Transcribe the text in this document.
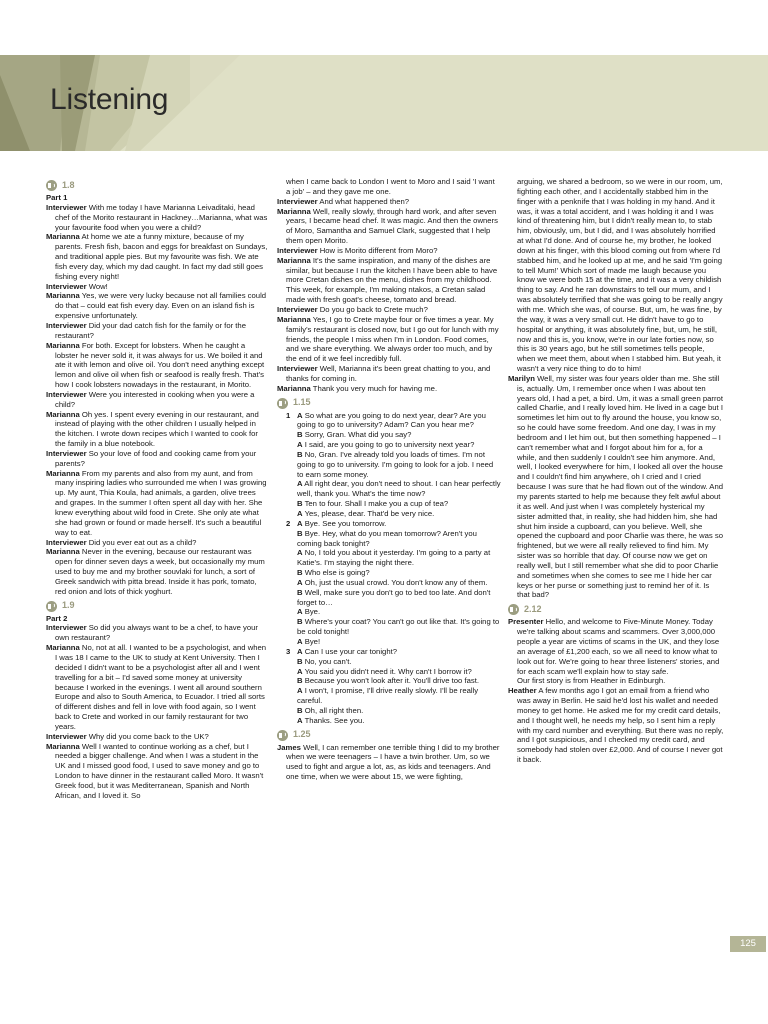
Listening
1.8

Part 1

Interviewer With me today I have Marianna Leivaditaki, head chef of the Morito restaurant in Hackney…Marianna, what was your favourite food when you were a child?

Marianna At home we ate a funny mixture, because of my parents. Fresh fish, bacon and eggs for breakfast on Sundays, and traditional apple pies. But my favourite was fish. We ate fish every day, which my dad caught. In fact my dad still goes fishing every night!

Interviewer Wow!

Marianna Yes, we were very lucky because not all families could do that – could eat fish every day. Even on an island fish is expensive unfortunately.

Interviewer Did your dad catch fish for the family or for the restaurant?

Marianna For both. Except for lobsters. When he caught a lobster he never sold it, it was always for us. We boiled it and ate it with lemon and olive oil. You don't need anything except lemon and olive oil when fish or seafood is really fresh. That's how I cook lobsters nowadays in the restaurant, in Morito.

Interviewer Were you interested in cooking when you were a child?

Marianna Oh yes. I spent every evening in our restaurant, and instead of playing with the other children I usually helped in the kitchen. I wrote down recipes which I wanted to cook for the family in a blue notebook.

Interviewer So your love of food and cooking came from your parents?

Marianna From my parents and also from my aunt, and from many inspiring ladies who surrounded me when I was growing up. My aunt, Thia Koula, had animals, a garden, olive trees and grapes. In the summer I often spent all day with her. She knew everything about wild food in Crete. She only ate what she had grown or found or made herself. It's such a beautiful way to eat.

Interviewer Did you ever eat out as a child?

Marianna Never in the evening, because our restaurant was open for dinner seven days a week, but occasionally my mum used to buy me and my brother souvlaki for lunch, a sort of Greek sandwich with pitta bread. Inside it has pork, tomato, red onion and lots of thick yoghurt.

1.9

Part 2

Interviewer So did you always want to be a chef, to have your own restaurant?

Marianna No, not at all. I wanted to be a psychologist, and when I was 18 I came to the UK to study at Kent University. Then I decided I didn't want to be a psychologist after all and I went travelling for a bit – I'd saved some money at university because I worked in the evenings. I went all around southern Europe and also to South America, to Ecuador. I tried all sorts of different dishes and fell in love with food again, so I went back to Crete and worked in our family restaurant for two years.

Interviewer Why did you come back to the UK?

Marianna Well I wanted to continue working as a chef, but I needed a bigger challenge. And when I was a student in the UK and I missed good food, I used to save money and go to London to have dinner in the restaurant called Moro. It wasn't Greek food, but it was Mediterranean, Spanish and North African, and I loved it. So

when I came back to London I went to Moro and I said 'I want a job' – and they gave me one.

Interviewer And what happened then?

Marianna Well, really slowly, through hard work, and after seven years, I became head chef. It was magic. And then the owners of Moro, Samantha and Samuel Clark, suggested that I help them open Morito.

Interviewer How is Morito different from Moro?

Marianna It's the same inspiration, and many of the dishes are similar, but because I run the kitchen I have been able to have more Cretan dishes on the menu, dishes from my childhood. This week, for example, I'm making ntakos, a Cretan salad made with fresh goat's cheese, tomato and bread.

Interviewer Do you go back to Crete much?

Marianna Yes, I go to Crete maybe four or five times a year. My family's restaurant is closed now, but I go out for lunch with my friends, the people I miss when I'm in London. Food comes, and we share everything. We always order too much, and by the end of it we feel incredibly full.

Interviewer Well, Marianna it's been great chatting to you, and thanks for coming in.

Marianna Thank you very much for having me.

1.15

1 A So what are you going to do next year, dear? Are you going to go to university? Adam? Can you hear me?

B Sorry, Gran. What did you say?

A I said, are you going to go to university next year?

B No, Gran. I've already told you loads of times. I'm not going to go to university. I'm going to look for a job. I need to earn some money.

A All right dear, you don't need to shout. I can hear perfectly well, thank you. What's the time now?

B Ten to four. Shall I make you a cup of tea?

A Yes, please, dear. That'd be very nice.

2 A Bye. See you tomorrow.

B Bye. Hey, what do you mean tomorrow? Aren't you coming back tonight?

A No, I told you about it yesterday. I'm going to a party at Katie's. I'm staying the night there.

B Who else is going?

A Oh, just the usual crowd. You don't know any of them.

B Well, make sure you don't go to bed too late. And don't forget to…

A Bye.

B Where's your coat? You can't go out like that. It's going to be cold tonight!

A Bye!

3 A Can I use your car tonight?

B No, you can't.

A You said you didn't need it. Why can't I borrow it?

B Because you won't look after it. You'll drive too fast.

A I won't, I promise, I'll drive really slowly. I'll be really careful.

B Oh, all right then.

A Thanks. See you.

1.25

James Well, I can remember one terrible thing I did to my brother when we were teenagers – I have a twin brother. Um, so we used to fight and argue a lot, as, as kids and teenagers. And one time, when we were about 15, we were fighting,

arguing, we shared a bedroom, so we were in our room, um, fighting each other, and I accidentally stabbed him in the finger with a penknife that I was holding in my hand. And it was, it was a total accident, and I was holding it and I was kind of threatening him, but I didn't really mean to, to stab him, obviously, um, but I did, and I was absolutely horrified at what I'd done. And of course he, my brother, he looked down at his finger, with this blood coming out from where I'd stabbed him, and he looked up at me, and he said 'I'm going to tell Mum!' Which sort of made me laugh because you know we were both 15 at the time, and it was a very childish thing to say. And he ran downstairs to tell our mum, and I was absolutely terrified that she was going to be really angry with me. Which she was, of course. But, um, he was fine, by the way, it was a very small cut. He didn't have to go to hospital or anything, it was absolutely fine, but, um, he still, now and this is, you know, we're in our late forties now, so this is 30 years ago, but he still sometimes tells people, when we meet them, about when I stabbed him. But yeah, it wasn't a very nice thing to do to him!

Marilyn Well, my sister was four years older than me. She still is, actually. Um, I remember once when I was about ten years old, I had a pet, a bird. Um, it was a small green parrot called Charlie, and I really loved him. He lived in a cage but I sometimes let him out to fly around the house, you know so, so he could have some freedom. And one day, I was in my bedroom and I let him out, but then something happened – I can't remember what and I forgot about him for a, for a while, and then suddenly I couldn't see him anymore. And, well, I looked everywhere for him, I looked all over the house and I couldn't find him anywhere, oh I cried and I cried because I was sure that he had flown out of the window. And my parents started to help me because they felt awful about it as well. And just when I was completely hysterical my sister admitted that, in reality, she had hidden him, she had shut him inside a cupboard, can you believe. Well, she opened the cupboard and poor Charlie was there, he was so frightened, but we were all really relieved to find him. My sister was so horrible that day. Of course now we get on really well, but I still remember what she did to poor Charlie and sometimes when she comes to see me I hide her car keys or her purse or something just to remind her of it. Is that bad?

2.12

Presenter Hello, and welcome to Five-Minute Money. Today we're talking about scams and scammers. Over 3,000,000 people a year are victims of scams in the UK, and they lose an average of £1,200 each, so we all need to know what to look out for. We're going to hear three listeners' stories, and for each scam we'll explain how to stay safe.

Our first story is from Heather in Edinburgh.

Heather A few months ago I got an email from a friend who was away in Berlin. He said he'd lost his wallet and needed money to get home. He asked me for my credit card details, and I thought well, he needs my help, so I sent him a reply with my card number and everything. But there was no reply, and I got suspicious, and I checked my credit card, and somebody had stolen over £2,000. And of course I never got it back.

125
